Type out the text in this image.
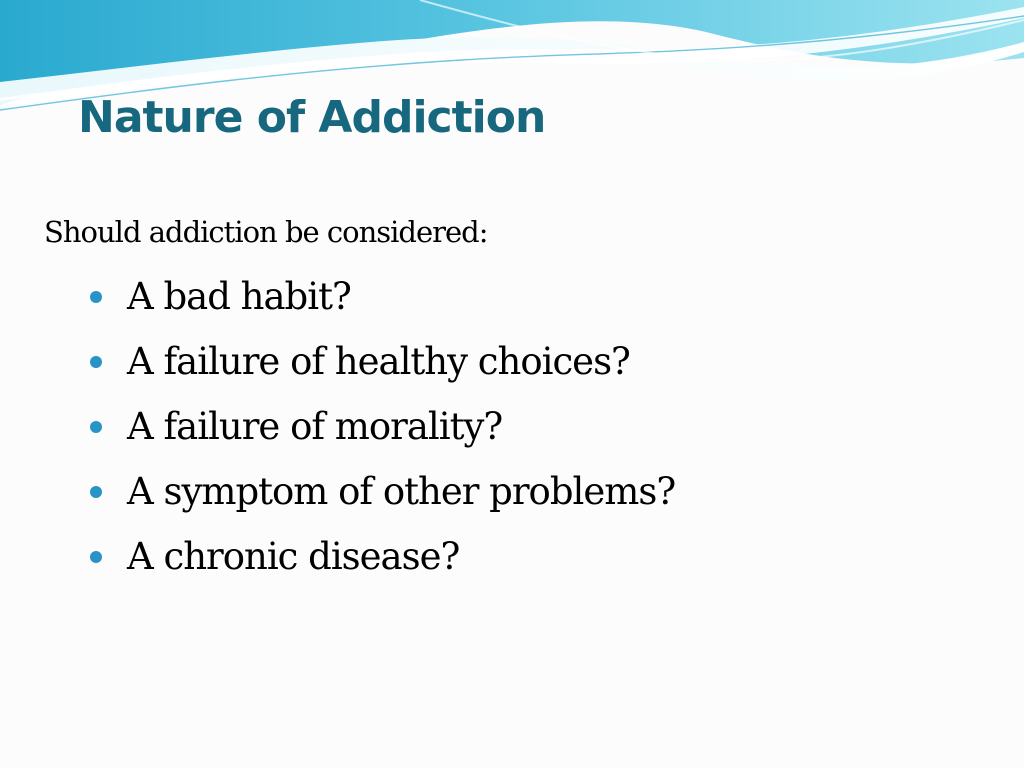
Nature of Addiction

Should addiction be considered:

A bad habit?
A failure of healthy choices?
A failure of morality?
A symptom of other problems?
A chronic disease?
